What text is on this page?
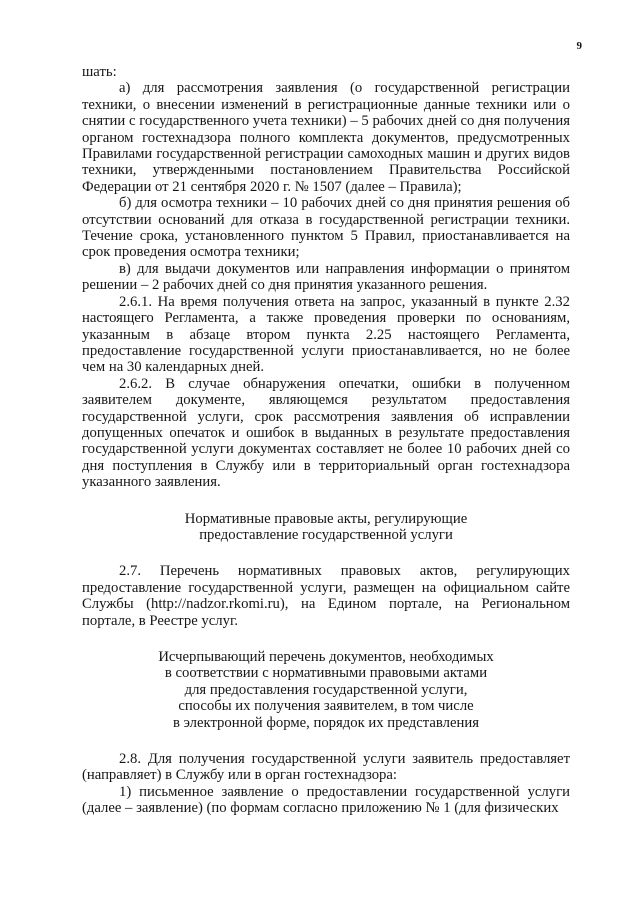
9

шать:

а) для рассмотрения заявления (о государственной регистрации техники, о внесении изменений в регистрационные данные техники или о снятии с государственного учета техники) – 5 рабочих дней со дня получения органом гостехнадзора полного комплекта документов, предусмотренных Правилами государственной регистрации самоходных машин и других видов техники, утвержденными постановлением Правительства Российской Федерации от 21 сентября 2020 г. № 1507 (далее – Правила);

б) для осмотра техники – 10 рабочих дней со дня принятия решения об отсутствии оснований для отказа в государственной регистрации техники. Течение срока, установленного пунктом 5 Правил, приостанавливается на срок проведения осмотра техники;

в) для выдачи документов или направления информации о принятом решении – 2 рабочих дней со дня принятия указанного решения.

2.6.1. На время получения ответа на запрос, указанный в пункте 2.32 настоящего Регламента, а также проведения проверки по основаниям, указанным в абзаце втором пункта 2.25 настоящего Регламента, предоставление государственной услуги приостанавливается, но не более чем на 30 календарных дней.

2.6.2. В случае обнаружения опечатки, ошибки в полученном заявителем документе, являющемся результатом предоставления государственной услуги, срок рассмотрения заявления об исправлении допущенных опечаток и ошибок в выданных в результате предоставления государственной услуги документах составляет не более 10 рабочих дней со дня поступления в Службу или в территориальный орган гостехнадзора указанного заявления.

Нормативные правовые акты, регулирующие
предоставление государственной услуги

2.7. Перечень нормативных правовых актов, регулирующих предоставление государственной услуги, размещен на официальном сайте Службы (http://nadzor.rkomi.ru), на Едином портале, на Региональном портале, в Реестре услуг.

Исчерпывающий перечень документов, необходимых
в соответствии с нормативными правовыми актами
для предоставления государственной услуги,
способы их получения заявителем, в том числе
в электронной форме, порядок их представления

2.8. Для получения государственной услуги заявитель предоставляет (направляет) в Службу или в орган гостехнадзора:

1) письменное заявление о предоставлении государственной услуги (далее – заявление) (по формам согласно приложению № 1 (для физических
